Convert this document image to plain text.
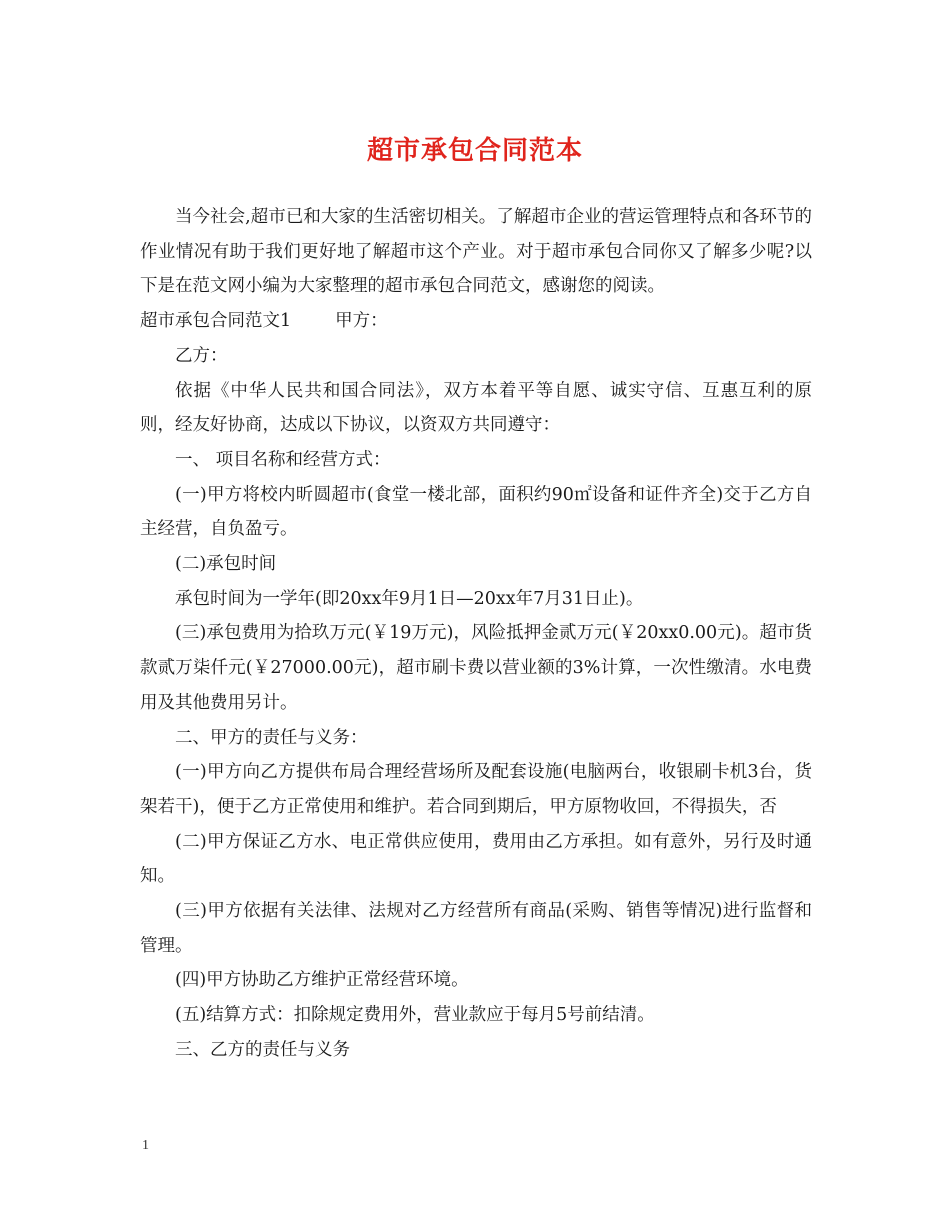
超市承包合同范本

当今社会,超市已和大家的生活密切相关。了解超市企业的营运管理特点和各环节的作业情况有助于我们更好地了解超市这个产业。对于超市承包合同你又了解多少呢?以下是在范文网小编为大家整理的超市承包合同范文，感谢您的阅读。

超市承包合同范文1	甲方：

乙方：

依据《中华人民共和国合同法》，双方本着平等自愿、诚实守信、互惠互利的原则，经友好协商，达成以下协议，以资双方共同遵守：

一、 项目名称和经营方式：

(一)甲方将校内昕圆超市(食堂一楼北部，面积约90㎡设备和证件齐全)交于乙方自主经营，自负盈亏。

(二)承包时间

承包时间为一学年(即20xx年9月1日—20xx年7月31日止)。

(三)承包费用为拾玖万元(￥19万元)，风险抵押金贰万元(￥20xx0.00元)。超市货款贰万柒仟元(￥27000.00元)，超市刷卡费以营业额的3%计算，一次性缴清。水电费用及其他费用另计。

二、甲方的责任与义务：

(一)甲方向乙方提供布局合理经营场所及配套设施(电脑两台，收银刷卡机3台，货架若干)，便于乙方正常使用和维护。若合同到期后，甲方原物收回，不得损失，否

(二)甲方保证乙方水、电正常供应使用，费用由乙方承担。如有意外，另行及时通知。

(三)甲方依据有关法律、法规对乙方经营所有商品(采购、销售等情况)进行监督和管理。

(四)甲方协助乙方维护正常经营环境。

(五)结算方式：扣除规定费用外，营业款应于每月5号前结清。

三、乙方的责任与义务

1
